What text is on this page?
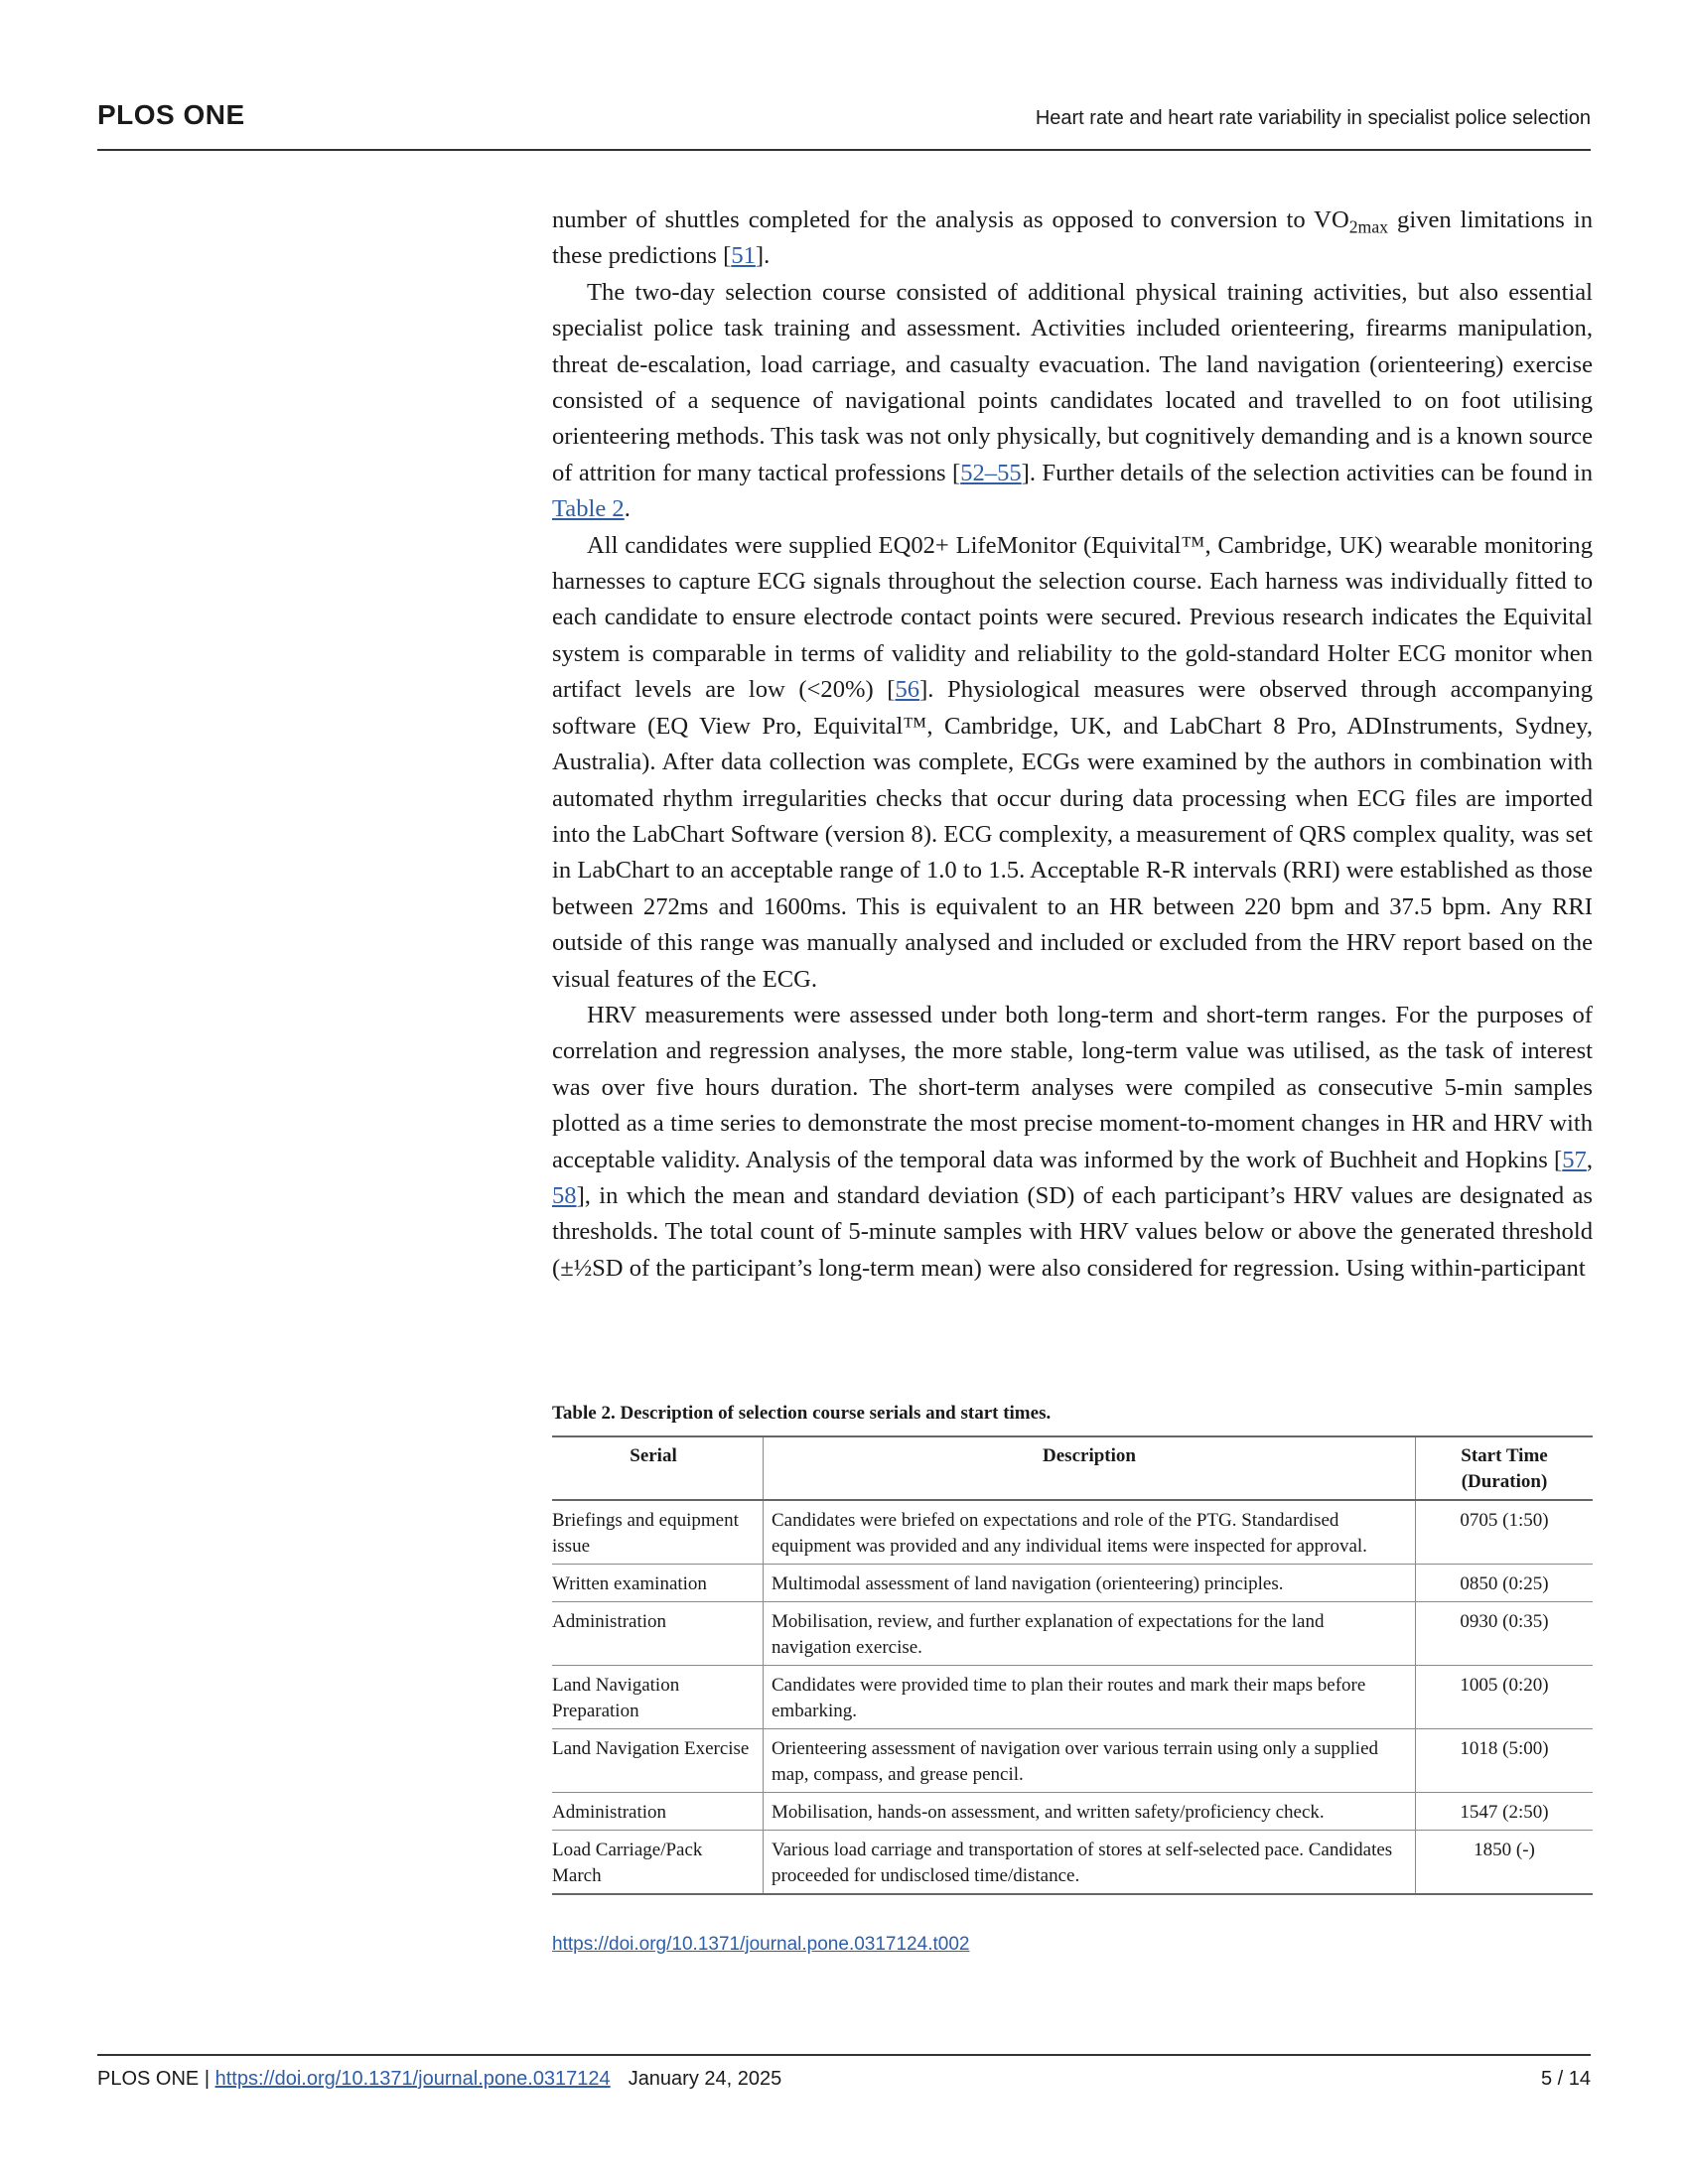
PLOS ONE	Heart rate and heart rate variability in specialist police selection

number of shuttles completed for the analysis as opposed to conversion to $VO_{2max}$ given limitations in these predictions [51].

The two-day selection course consisted of additional physical training activities, but also essential specialist police task training and assessment. Activities included orienteering, firearms manipulation, threat de-escalation, load carriage, and casualty evacuation. The land navigation (orienteering) exercise consisted of a sequence of navigational points candidates located and travelled to on foot utilising orienteering methods. This task was not only physically, but cognitively demanding and is a known source of attrition for many tactical professions [52–55]. Further details of the selection activities can be found in Table 2.

All candidates were supplied EQ02+ LifeMonitor (Equivital™, Cambridge, UK) wearable monitoring harnesses to capture ECG signals throughout the selection course. Each harness was individually fitted to each candidate to ensure electrode contact points were secured. Previous research indicates the Equivital system is comparable in terms of validity and reliability to the gold-standard Holter ECG monitor when artifact levels are low (<20%) [56]. Physiological measures were observed through accompanying software (EQ View Pro, Equivital™, Cambridge, UK, and LabChart 8 Pro, ADInstruments, Sydney, Australia). After data collection was complete, ECGs were examined by the authors in combination with automated rhythm irregularities checks that occur during data processing when ECG files are imported into the LabChart Software (version 8). ECG complexity, a measurement of QRS complex quality, was set in LabChart to an acceptable range of 1.0 to 1.5. Acceptable R-R intervals (RRI) were established as those between 272ms and 1600ms. This is equivalent to an HR between 220 bpm and 37.5 bpm. Any RRI outside of this range was manually analysed and included or excluded from the HRV report based on the visual features of the ECG.

HRV measurements were assessed under both long-term and short-term ranges. For the purposes of correlation and regression analyses, the more stable, long-term value was utilised, as the task of interest was over five hours duration. The short-term analyses were compiled as consecutive 5-min samples plotted as a time series to demonstrate the most precise moment-to-moment changes in HR and HRV with acceptable validity. Analysis of the temporal data was informed by the work of Buchheit and Hopkins [57, 58], in which the mean and standard deviation (SD) of each participant’s HRV values are designated as thresholds. The total count of 5-minute samples with HRV values below or above the generated threshold (±½SD of the participant’s long-term mean) were also considered for regression. Using within-participant

Table 2. Description of selection course serials and start times.
Serial	Description	Start Time
(Duration)
Briefings and equipment issue	Candidates were briefed on expectations and role of the PTG. Standardised equipment was provided and any individual items were inspected for approval.	0705 (1:50)
Written examination	Multimodal assessment of land navigation (orienteering) principles.	0850 (0:25)
Administration	Mobilisation, review, and further explanation of expectations for the land navigation exercise.	0930 (0:35)
Land Navigation Preparation	Candidates were provided time to plan their routes and mark their maps before embarking.	1005 (0:20)
Land Navigation Exercise	Orienteering assessment of navigation over various terrain using only a supplied map, compass, and grease pencil.	1018 (5:00)
Administration	Mobilisation, hands-on assessment, and written safety/proficiency check.	1547 (2:50)
Load Carriage/Pack March	Various load carriage and transportation of stores at self-selected pace. Candidates proceeded for undisclosed time/distance.	1850 (-)
https://doi.org/10.1371/journal.pone.0317124.t002
PLOS ONE | https://doi.org/10.1371/journal.pone.0317124 January 24, 2025	5 / 14
